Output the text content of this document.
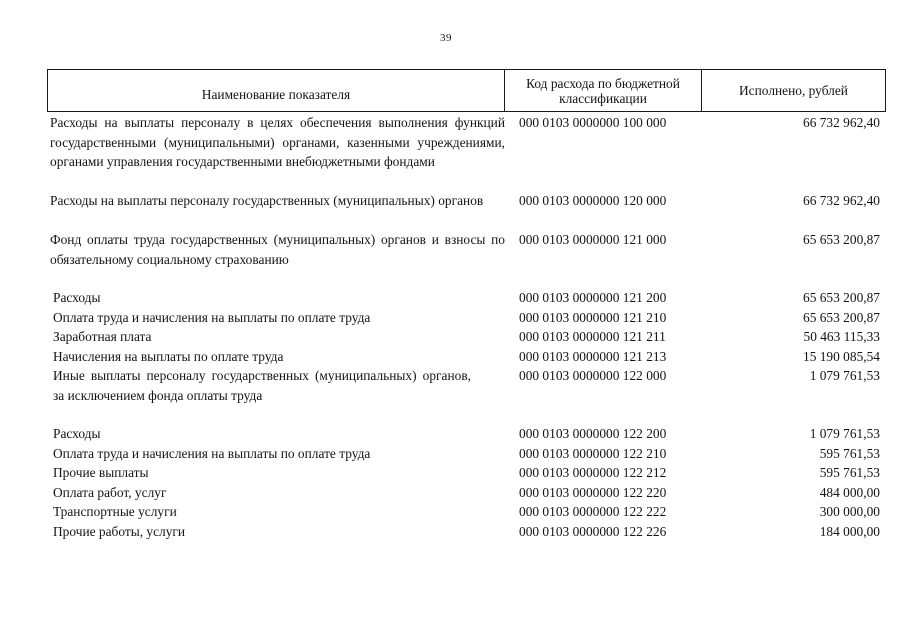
39
Наименование показателя
Код расхода по бюджетной классификации	Исполнено, рублей
Расходы на выплаты персоналу в целях обеспечения выполнения функций государственными (муниципальными) органами, казенными учреждениями, органами управления государственными внебюджетными фондами
000 0103 0000000 100 000	66 732 962,40
Расходы на выплаты персоналу государственных (муниципальных) органов	000 0103 0000000 120 000	66 732 962,40
Фонд оплаты труда государственных (муниципальных) органов и взносы по обязательному социальному страхованию
000 0103 0000000 121 000	65 653 200,87
Расходы	000 0103 0000000 121 200	65 653 200,87
Оплата труда и начисления на выплаты по оплате труда	000 0103 0000000 121 210	65 653 200,87
Заработная плата	000 0103 0000000 121 211	50 463 115,33
Начисления на выплаты по оплате труда	000 0103 0000000 121 213	15 190 085,54
Иные выплаты персоналу государственных (муниципальных) органов, за исключением фонда оплаты труда
000 0103 0000000 122 000	1 079 761,53
Расходы	000 0103 0000000 122 200	1 079 761,53
Оплата труда и начисления на выплаты по оплате труда	000 0103 0000000 122 210	595 761,53
Прочие выплаты	000 0103 0000000 122 212	595 761,53
Оплата работ, услуг	000 0103 0000000 122 220	484 000,00
Транспортные услуги	000 0103 0000000 122 222	300 000,00
Прочие работы, услуги	000 0103 0000000 122 226	184 000,00
